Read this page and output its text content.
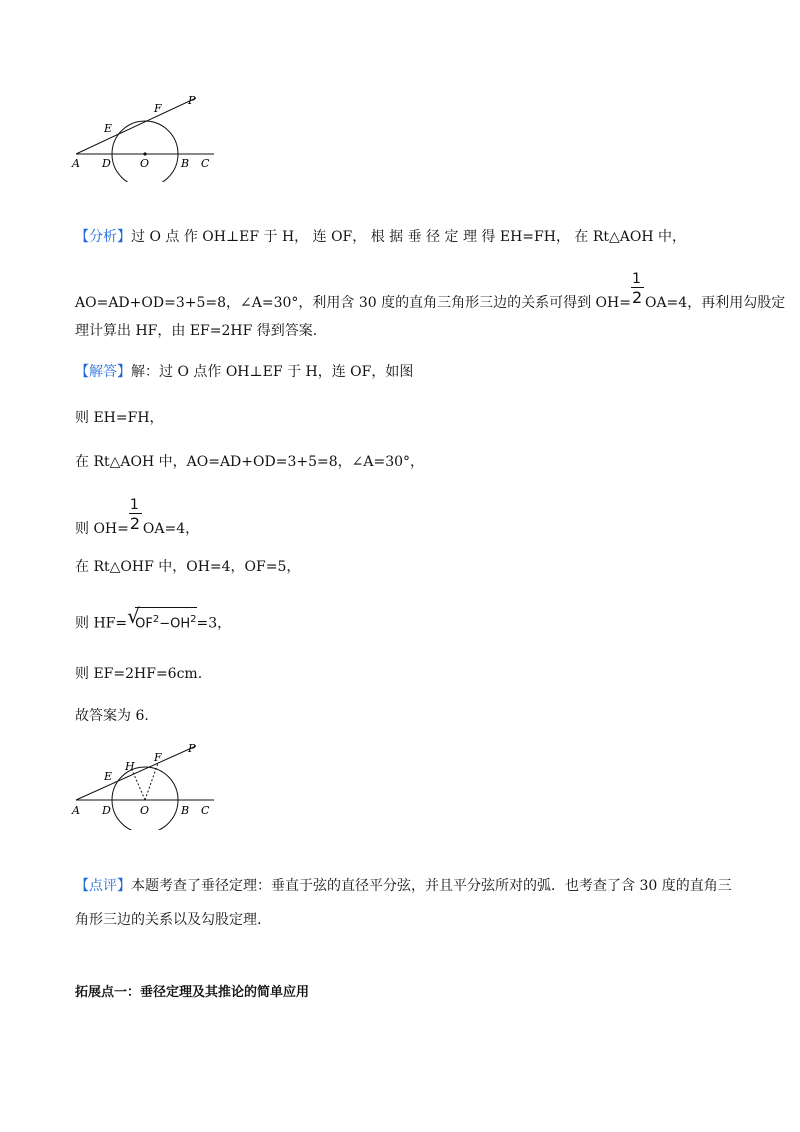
A D	O	B C
E
F
P
【分析】过 O 点 作 OH⊥EF 于 H， 连 OF， 根 据 垂 径 定 理 得 EH=FH， 在 Rt△AOH 中，
AO=AD+OD=3+5=8，∠A=30°，利用含 30 度的直角三角形三边的关系可得到 $OH= \frac{1}{2} OA=4$，再利用勾股定
理计算出 HF，由 EF=2HF 得到答案.
【解答】解：过 O 点作 OH⊥EF 于 H，连 OF，如图
则 EH=FH，
在 Rt△AOH 中，AO=AD+OD=3+5=8，∠A=30°，
则 $OH= \frac{1}{2} OA=4$，
在 Rt△OHF 中，OH=4，OF=5，
则 HF= √
$OF^2-OH^2=3$，
则 EF=2HF=6cm.
故答案为 6.
A D	O	B C
E
H
F
P
【点评】本题考查了垂径定理：垂直于弦的直径平分弦，并且平分弦所对的弧．也考查了含 30 度的直角三
角形三边的关系以及勾股定理.
拓展点一：垂径定理及其推论的简单应用
